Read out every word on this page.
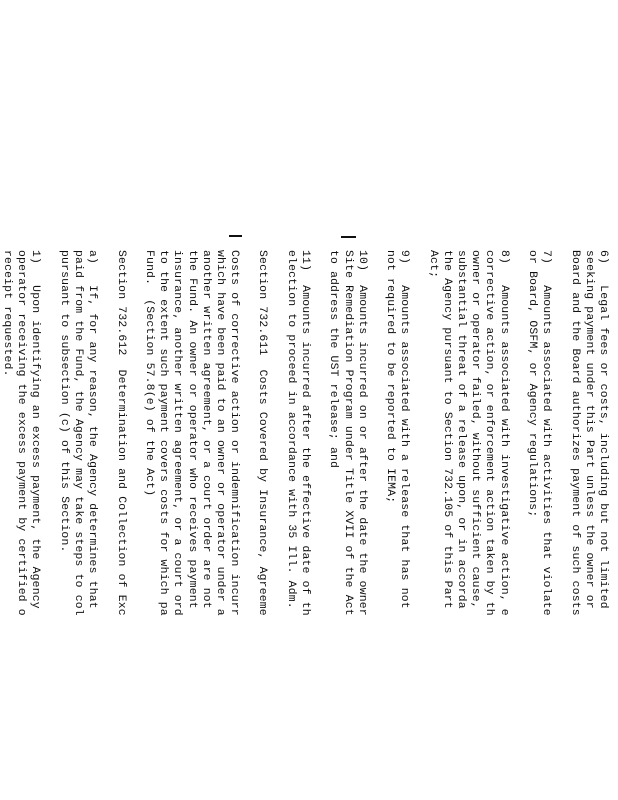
6)   Legal fees or costs, including but not limited
seeking payment under this Part unless the owner or
Board and the Board authorizes payment of such costs
7)   Amounts associated with activities that violate
or Board, OSFM, or Agency regulations;
8)   Amounts associated with investigative action, e
corrective action, or enforcement action taken by th
owner or operator failed, without sufficient cause,
substantial threat of a release upon, or in accorda
the Agency pursuant to Section 732.105 of this Part
Act;
9)   Amounts associated with a release that has not
not required to be reported to IEMA;
10)  Amounts incurred on or after the date the owner
Site Remediation Program under Title XVII of the Act
to address the UST release; and
11)  Amounts incurred after the effective date of th
election to proceed in accordance with 35 Ill. Adm.
Section 732.611  Costs Covered by Insurance, Agreeme
Costs of corrective action or indemnification incurr
which have been paid to an owner or operator under a
another written agreement, or a court order are not
the Fund. An owner or operator who receives payment
insurance, another written agreement, or a court ord
to the extent such payment covers costs for which pa
Fund.  (Section 57.8(e) of the Act)
Section 732.612  Determination and Collection of Exc
a)   If, for any reason, the Agency determines that
paid from the Fund, the Agency may take steps to col
pursuant to subsection (c) of this Section.
1)   Upon identifying an excess payment, the Agency
operator receiving the excess payment by certified o
receipt requested.
